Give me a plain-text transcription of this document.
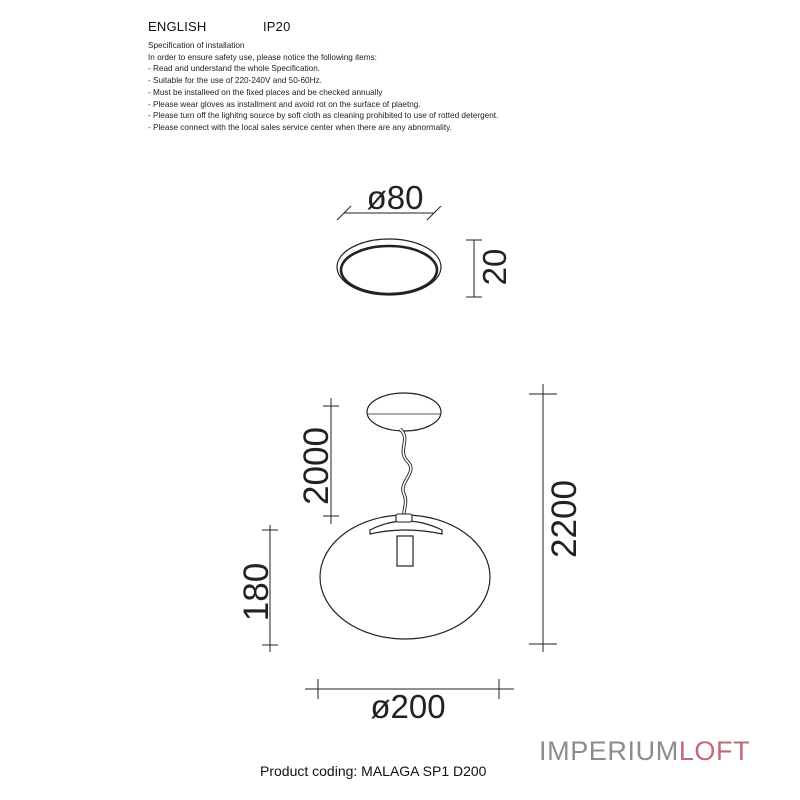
ENGLISH	IP20
Specification of installation
In order to ensure safety use, please notice the following items:
- Read and understand the whole Specification.
- Suitable for the use of 220-240V and 50-60Hz.
- Must be installeed on the fixed places and be checked annually
- Please wear gloves as installment and avoid rot on the surface of plaetng.
- Please turn off the lighitng source by soft cloth as cleaning prohibited to use of rotted detergent.
- Please connect with the local sales service center when there are any abnormality.
ø80
20
2000
2200
180
ø200
IMPERIUMLOFT
Product coding: MALAGA SP1 D200
